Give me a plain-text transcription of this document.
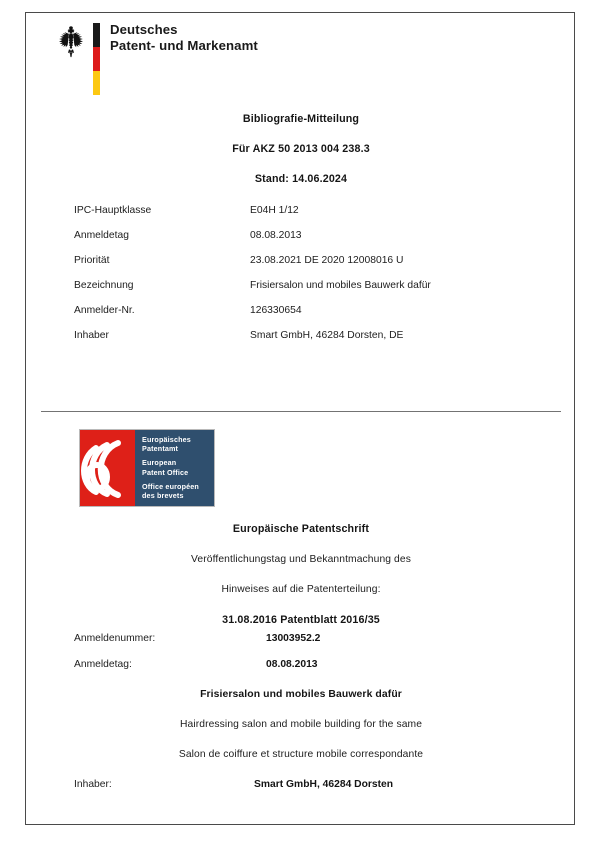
Deutsches
Patent- und Markenamt
Bibliografie-Mitteilung
Für AKZ 50 2013 004 238.3
Stand: 14.06.2024
IPC-Hauptklasse	E04H 1/12
Anmeldetag	08.08.2013
Priorität	23.08.2021 DE 2020 12008016 U
Bezeichnung	Frisiersalon und mobiles Bauwerk dafür
Anmelder-Nr.	126330654
Inhaber	Smart GmbH, 46284 Dorsten, DE
Europäisches
Patentamt
European
Patent Office
Office européen
des brevets
Europäische Patentschrift
Veröffentlichungstag und Bekanntmachung des
Hinweises auf die Patenterteilung:
31.08.2016 Patentblatt 2016/35
Anmeldenummer:	13003952.2
Anmeldetag:	08.08.2013
Frisiersalon und mobiles Bauwerk dafür
Hairdressing salon and mobile building for the same
Salon de coiffure et structure mobile correspondante
Inhaber:	Smart GmbH, 46284 Dorsten
